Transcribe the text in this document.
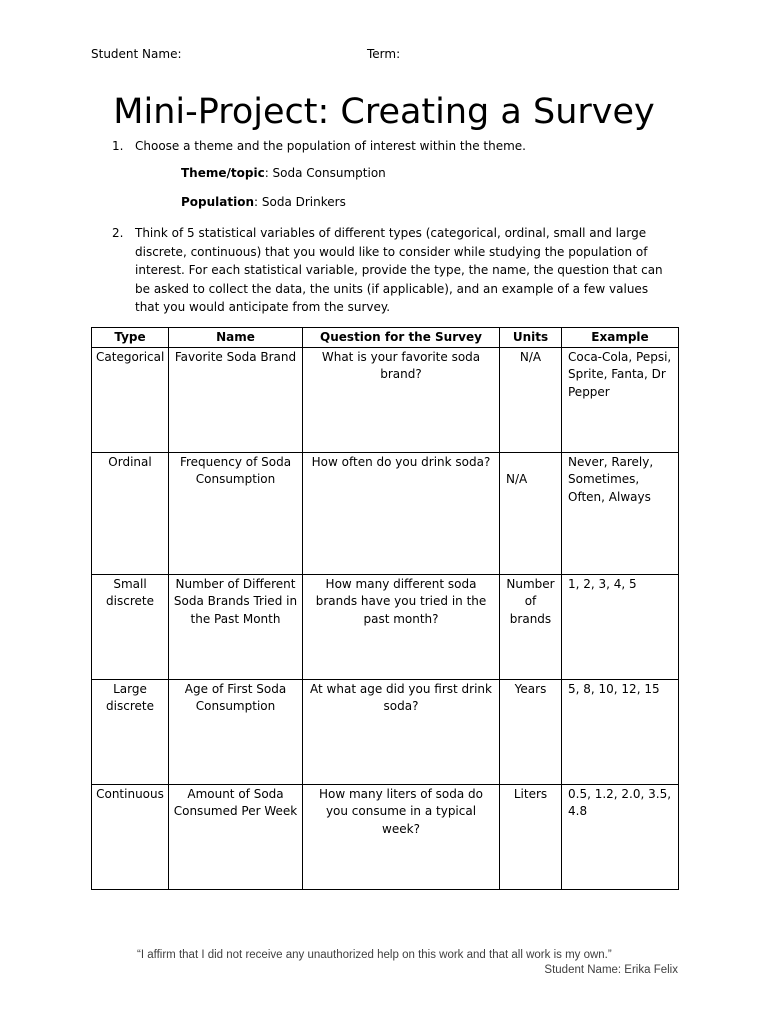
Student Name:	Term:
Mini-Project: Creating a Survey
1. Choose a theme and the population of interest within the theme.
Theme/topic: Soda Consumption
Population: Soda Drinkers
2. Think of 5 statistical variables of different types (categorical, ordinal, small and large discrete, continuous) that you would like to consider while studying the population of interest. For each statistical variable, provide the type, the name, the question that can be asked to collect the data, the units (if applicable), and an example of a few values that you would anticipate from the survey.
Type	Name	Question for the Survey	Units	Example
Categorical	Favorite Soda Brand	What is your favorite soda brand?	N/A	Coca-Cola, Pepsi, Sprite, Fanta, Dr Pepper
Ordinal	Frequency of Soda Consumption	How often do you drink soda?	N/A	Never, Rarely, Sometimes, Often, Always
Small discrete	Number of Different Soda Brands Tried in the Past Month	How many different soda brands have you tried in the past month?	Number of brands	1, 2, 3, 4, 5
Large discrete	Age of First Soda Consumption	At what age did you first drink soda?	Years	5, 8, 10, 12, 15
Continuous	Amount of Soda Consumed Per Week	How many liters of soda do you consume in a typical week?	Liters	0.5, 1.2, 2.0, 3.5, 4.8
“I affirm that I did not receive any unauthorized help on this work and that all work is my own.”
Student Name: Erika Felix
